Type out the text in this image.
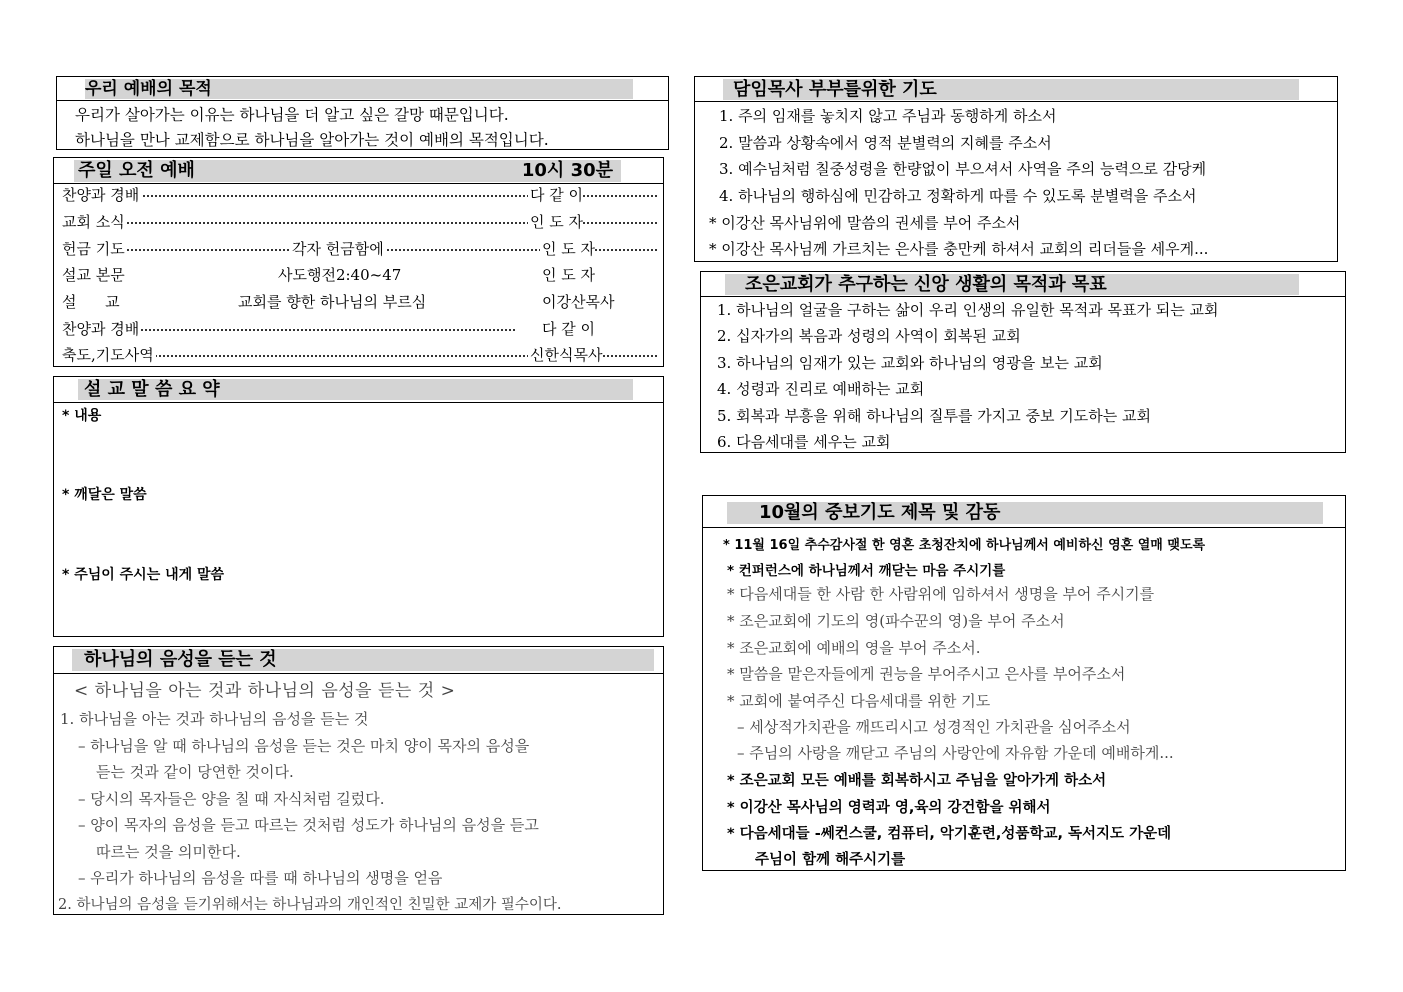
우리 예배의 목적
우리가 살아가는 이유는 하나님을 더 알고 싶은 갈망 때문입니다.
하나님을 만나 교제함으로 하나님을 알아가는 것이 예배의 목적입니다.
주일 오전 예배	10시 30분
찬양과 경배	다 같 이
교회 소식	인 도 자
헌금 기도	각자 헌금함에	인 도 자
설교 본문	사도행전2:40~47	인 도 자
설      교	교회를 향한 하나님의 부르심	이강산목사
찬양과 경배	다 같 이
축도,기도사역	신한식목사
설 교 말 씀 요 약
* 내용
* 깨달은 말씀
* 주님이 주시는 내게 말씀
하나님의 음성을 듣는 것
< 하나님을 아는 것과 하나님의 음성을 듣는 것 >
1. 하나님을 아는 것과 하나님의 음성을 듣는 것
– 하나님을 알 때 하나님의 음성을 듣는 것은 마치 양이 목자의 음성을
듣는 것과 같이 당연한 것이다.
– 당시의 목자들은 양을 칠 때 자식처럼 길렀다.
– 양이 목자의 음성을 듣고 따르는 것처럼 성도가 하나님의 음성을 듣고
따르는 것을 의미한다.
– 우리가 하나님의 음성을 따를 때 하나님의 생명을 얻음
2. 하나님의 음성을 듣기위해서는 하나님과의 개인적인 친밀한 교제가 필수이다.
담임목사 부부를위한 기도
1. 주의 임재를 놓치지 않고 주님과 동행하게 하소서
2. 말씀과 상황속에서 영적 분별력의 지혜를 주소서
3. 예수님처럼 칠중성령을 한량없이 부으셔서 사역을 주의 능력으로 감당케
4. 하나님의 행하심에 민감하고 정확하게 따를 수 있도록 분별력을 주소서
* 이강산 목사님위에 말씀의 권세를 부어 주소서
* 이강산 목사님께 가르치는 은사를 충만케 하셔서 교회의 리더들을 세우게...
조은교회가 추구하는 신앙 생활의 목적과 목표
1. 하나님의 얼굴을 구하는 삶이 우리 인생의 유일한 목적과 목표가 되는 교회
2. 십자가의 복음과 성령의 사역이 회복된 교회
3. 하나님의 임재가 있는 교회와 하나님의 영광을 보는 교회
4. 성령과 진리로 예배하는 교회
5. 회복과 부흥을 위해 하나님의 질투를 가지고 중보 기도하는 교회
6. 다음세대를 세우는 교회
10월의 중보기도 제목 및 감동
* 11월 16일 추수감사절 한 영혼 초청잔치에 하나님께서 예비하신 영혼 열매 맺도록
* 컨퍼런스에 하나님께서 깨닫는 마음 주시기를
* 다음세대들 한 사람 한 사람위에 임하셔서 생명을 부어 주시기를
* 조은교회에 기도의 영(파수꾼의 영)을 부어 주소서
* 조은교회에 예배의 영을 부어 주소서.
* 말씀을 맡은자들에게 권능을 부어주시고 은사를 부어주소서
* 교회에 붙여주신 다음세대를 위한 기도
– 세상적가치관을 깨뜨리시고 성경적인 가치관을 심어주소서
– 주님의 사랑을 깨닫고 주님의 사랑안에 자유함 가운데 예배하게...
* 조은교회 모든 예배를 회복하시고 주님을 알아가게 하소서
* 이강산 목사님의 영력과 영,육의 강건함을 위해서
* 다음세대들 -쎄컨스쿨, 컴퓨터, 악기훈련,성품학교, 독서지도 가운데
주님이 함께 해주시기를
